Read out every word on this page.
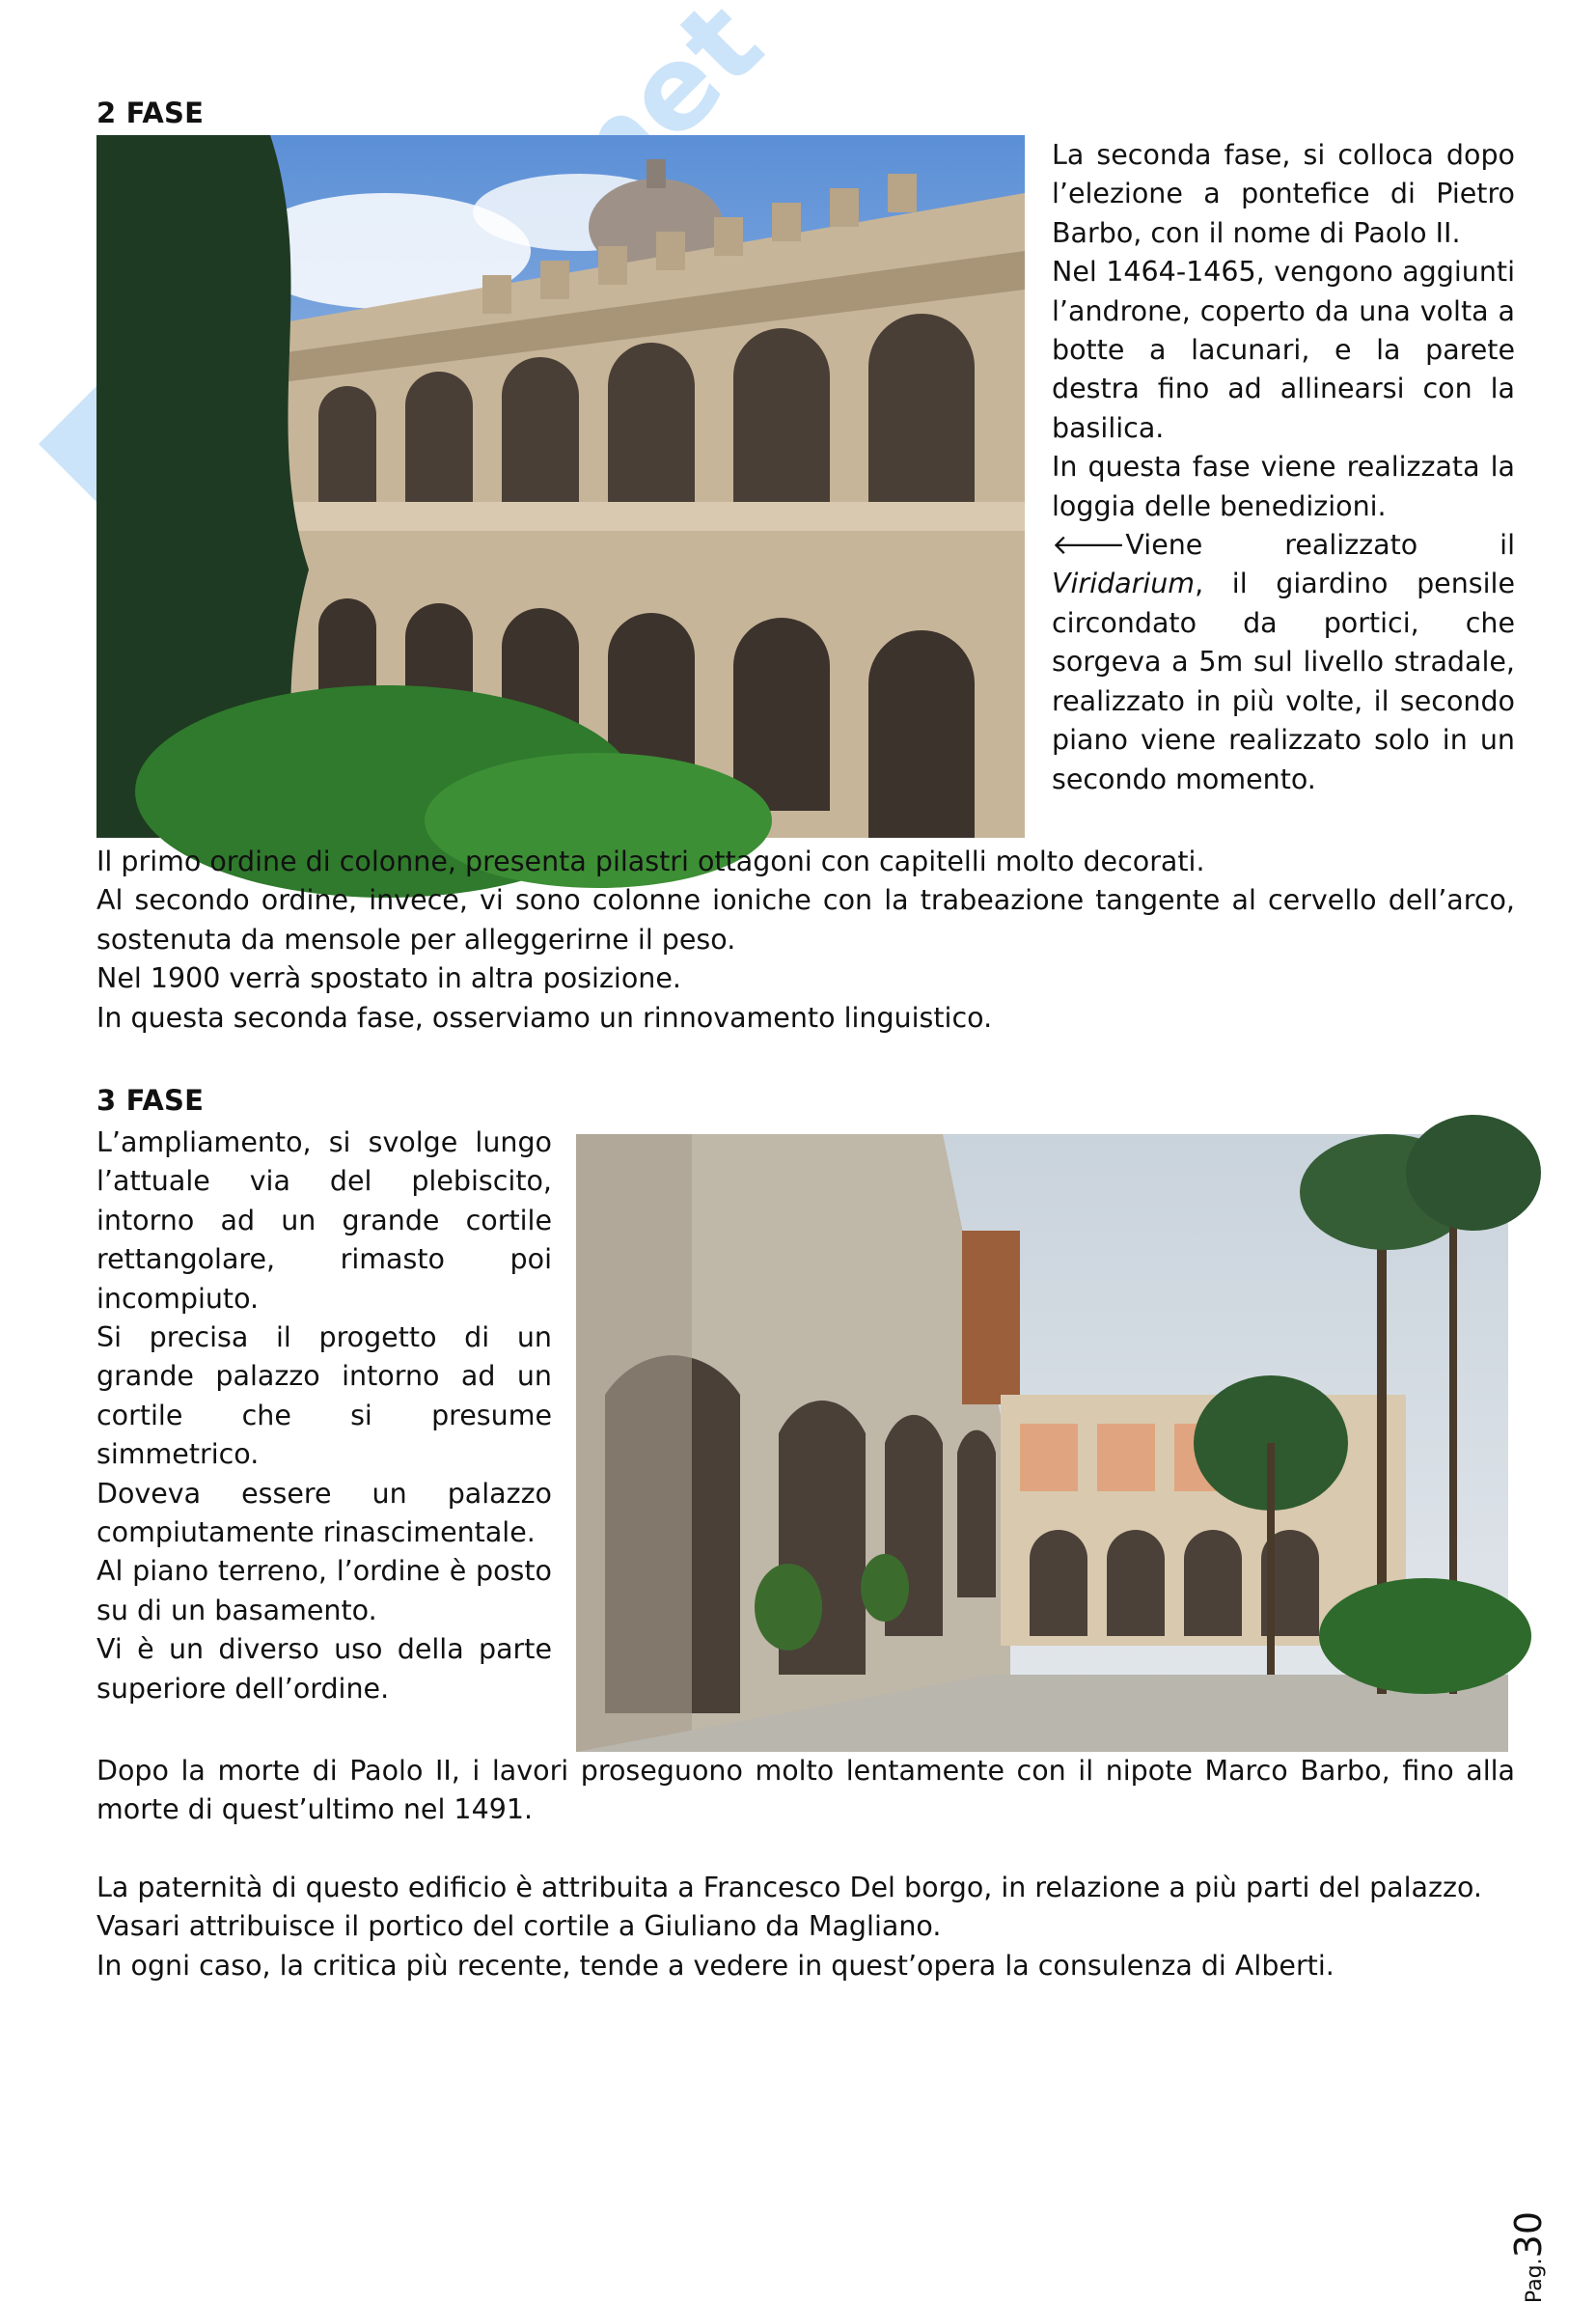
2 FASE

La seconda fase, si colloca dopo l’elezione a pontefice di Pietro Barbo, con il nome di Paolo II.

Nel 1464-1465, vengono aggiunti l’androne, coperto da una volta a botte a lacunari, e la parete destra fino ad allinearsi con la basilica.

In questa fase viene realizzata la loggia delle benedizioni.

🡐Viene realizzato il Viridarium, il giardino pensile circondato da portici, che sorgeva a 5m sul livello stradale, realizzato in più volte, il secondo piano viene realizzato solo in un secondo momento.

Il primo ordine di colonne, presenta pilastri ottagoni con capitelli molto decorati.

Al secondo ordine, invece, vi sono colonne ioniche con la trabeazione tangente al cervello dell’arco, sostenuta da mensole per alleggerirne il peso.

Nel 1900 verrà spostato in altra posizione.

In questa seconda fase, osserviamo un rinnovamento linguistico.

3 FASE

L’ampliamento, si svolge lungo l’attuale via del plebiscito, intorno ad un grande cortile rettangolare, rimasto poi incompiuto.

Si precisa il progetto di un grande palazzo intorno ad un cortile che si presume simmetrico.

Doveva essere un palazzo compiutamente rinascimentale.

Al piano terreno, l’ordine è posto su di un basamento.

Vi è un diverso uso della parte superiore dell’ordine.

Dopo la morte di Paolo II, i lavori proseguono molto lentamente con il nipote Marco Barbo, fino alla morte di quest’ultimo nel 1491.

La paternità di questo edificio è attribuita a Francesco Del borgo, in relazione a più parti del palazzo.

Vasari attribuisce il portico del cortile a Giuliano da Magliano.

In ogni caso, la critica più recente, tende a vedere in quest’opera la consulenza di Alberti.

Pag.30
